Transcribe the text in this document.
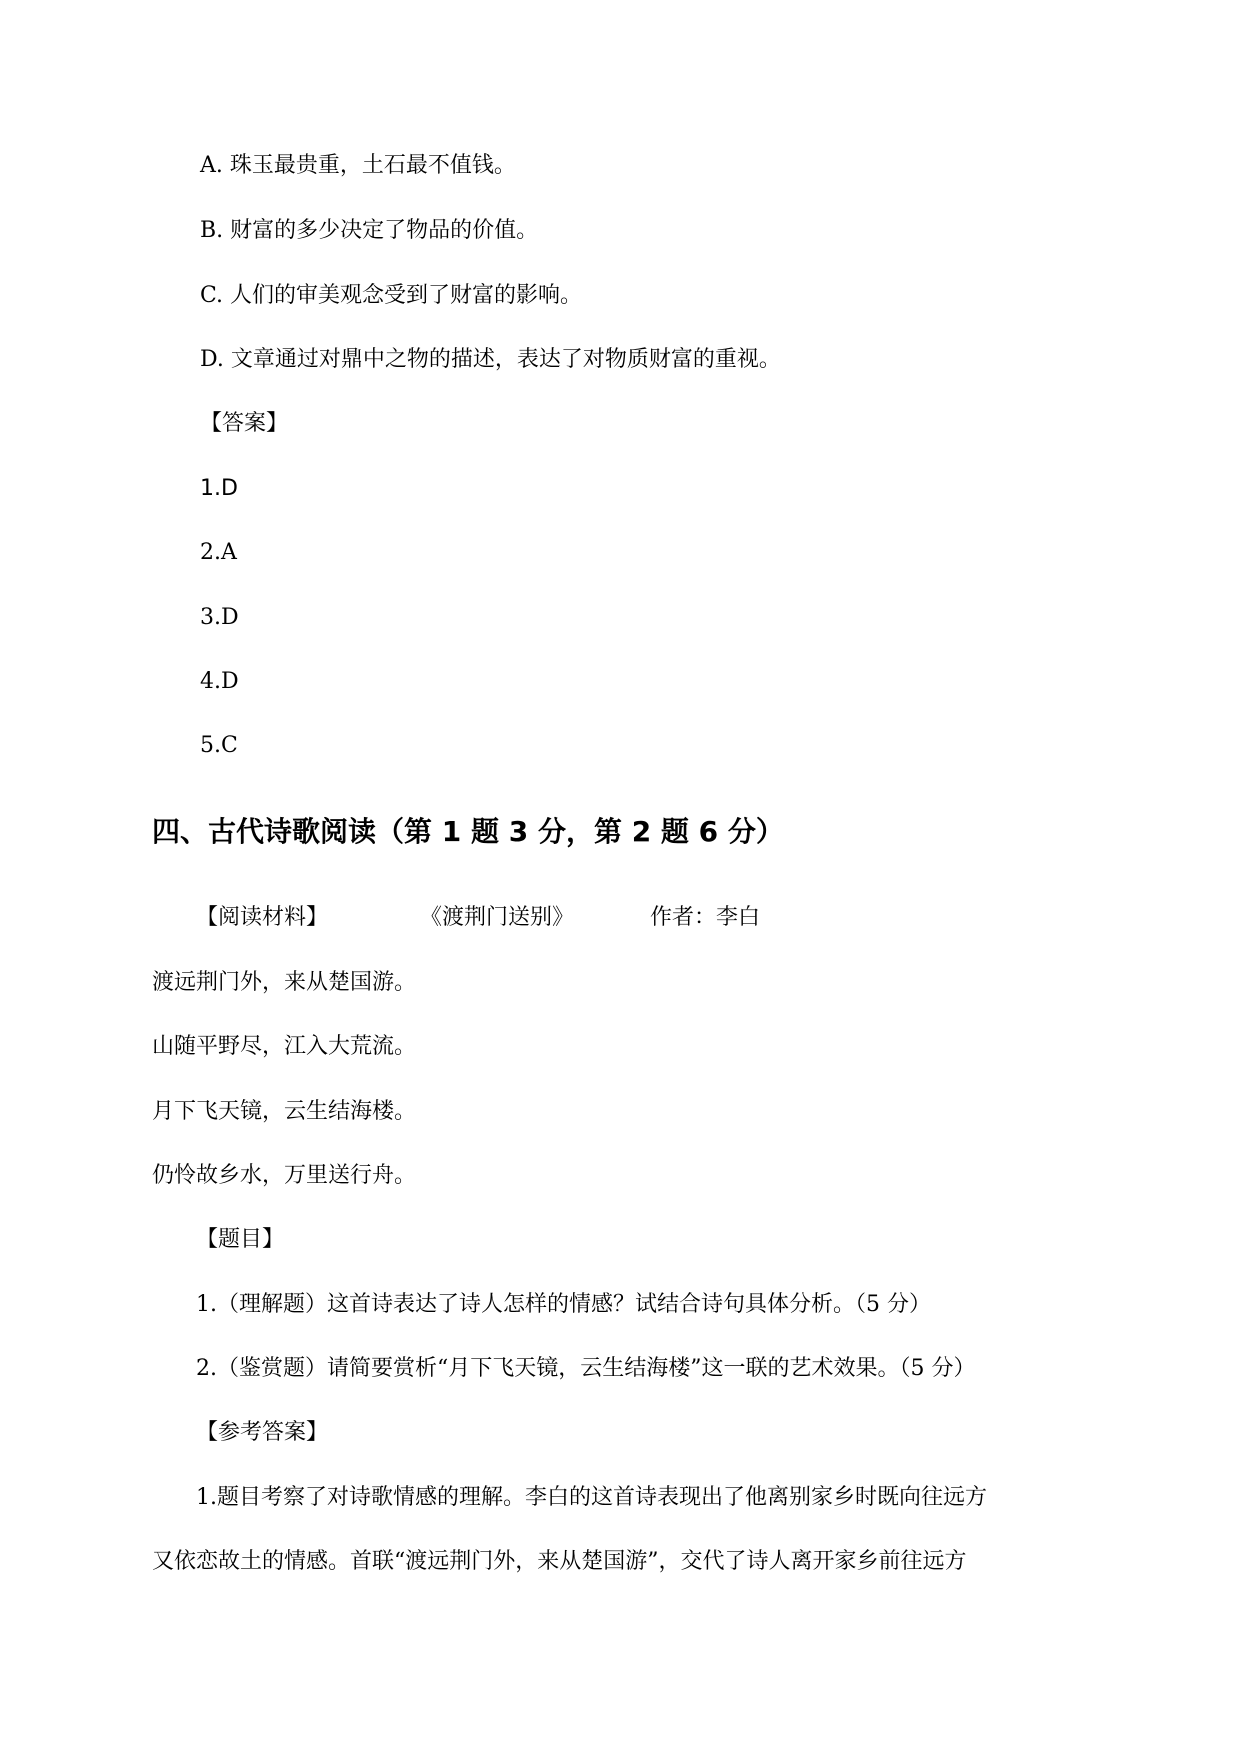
A. 珠玉最贵重，土石最不值钱。
B. 财富的多少决定了物品的价值。
C. 人们的审美观念受到了财富的影响。
D. 文章通过对鼎中之物的描述，表达了对物质财富的重视。
【答案】
1.D
2.A
3.D
4.D
5.C
四、古代诗歌阅读（第 1 题 3 分，第 2 题 6 分）
【阅读材料】	《渡荆门送别》	作者：李白
渡远荆门外，来从楚国游。
山随平野尽，江入大荒流。
月下飞天镜，云生结海楼。
仍怜故乡水，万里送行舟。
【题目】
1.（理解题）这首诗表达了诗人怎样的情感？试结合诗句具体分析。（5 分）
2.（鉴赏题）请简要赏析“月下飞天镜，云生结海楼”这一联的艺术效果。（5 分）
【参考答案】
1.题目考察了对诗歌情感的理解。李白的这首诗表现出了他离别家乡时既向往远方
又依恋故土的情感。首联“渡远荆门外，来从楚国游”，交代了诗人离开家乡前往远方
